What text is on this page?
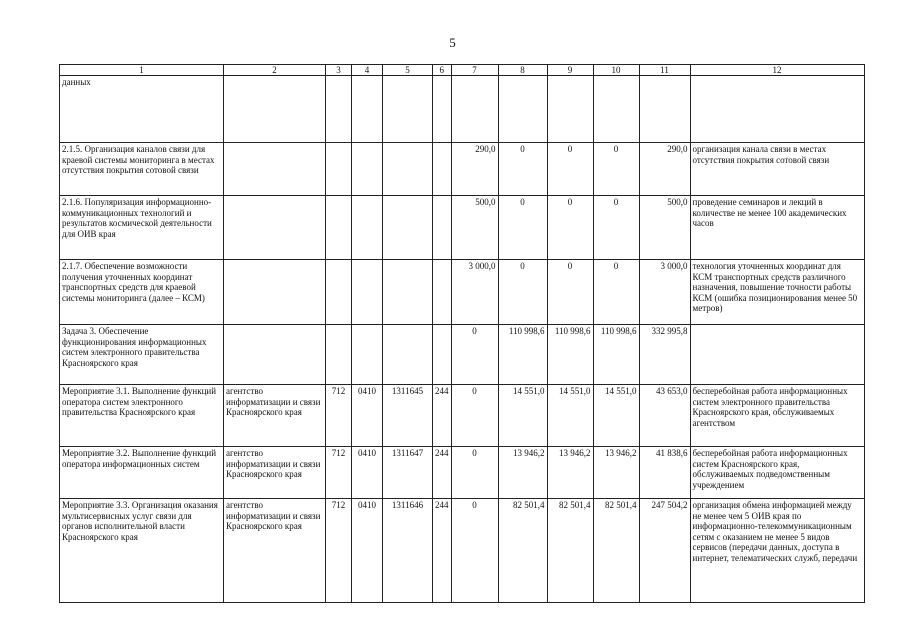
5
1	2	3	4	5	6	7	8	9	10	11	12
данных											
2.1.5. Организация каналов связи для краевой системы мониторинга в местах отсутствия покрытия сотовой связи						290,0	0	0	0	290,0	организация канала связи в местах отсутствия покрытия сотовой связи
2.1.6. Популяризация информационно-коммуникационных технологий и результатов космической деятельности для ОИВ края						500,0	0	0	0	500,0	проведение семинаров и лекций в количестве не менее 100 академических часов
2.1.7. Обеспечение возможности получения уточненных координат транспортных средств для краевой системы мониторинга (далее – КСМ)						3 000,0	0	0	0	3 000,0	технология уточненных координат для КСМ транспортных средств различного назначения, повышение точности работы КСМ (ошибка позиционирования менее 50 метров)
Задача 3. Обеспечение функционирования информационных систем электронного правительства Красноярского края						0	110 998,6	110 998,6	110 998,6	332 995,8	
Мероприятие 3.1. Выполнение функций оператора систем электронного правительства Красноярского края	агентство информатизации и связи Красноярского края	712	0410	1311645	244	0	14 551,0	14 551,0	14 551,0	43 653,0	бесперебойная работа информационных систем электронного правительства Красноярского края, обслуживаемых агентством
Мероприятие 3.2. Выполнение функций оператора информационных систем	агентство информатизации и связи Красноярского края	712	0410	1311647	244	0	13 946,2	13 946,2	13 946,2	41 838,6	бесперебойная работа информационных систем Красноярского края, обслуживаемых подведомственным учреждением
Мероприятие 3.3. Организация оказания мультисервисных услуг связи для органов исполнительной власти Красноярского края	агентство информатизации и связи Красноярского края	712	0410	1311646	244	0	82 501,4	82 501,4	82 501,4	247 504,2	организация обмена информацией между не менее чем 5 ОИВ края по информационно-телекоммуникационным сетям с оказанием не менее 5 видов сервисов (передачи данных, доступа в интернет, телематических служб, передачи
